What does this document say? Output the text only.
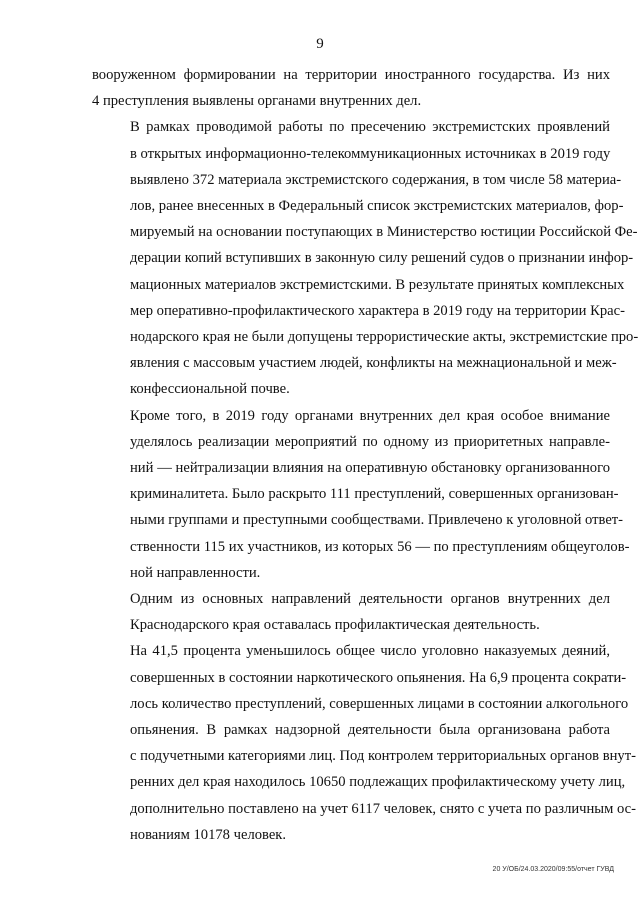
9

вооруженном формировании на территории иностранного государства. Из них
4 преступления выявлены органами внутренних дел.

В рамках проводимой работы по пресечению экстремистских проявлений
в открытых информационно-телекоммуникационных источниках в 2019 году
выявлено 372 материала экстремистского содержания, в том числе 58 материа-
лов, ранее внесенных в Федеральный список экстремистских материалов, фор-
мируемый на основании поступающих в Министерство юстиции Российской Фе-
дерации копий вступивших в законную силу решений судов о признании инфор-
мационных материалов экстремистскими. В результате принятых комплексных
мер оперативно-профилактического характера в 2019 году на территории Крас-
нодарского края не были допущены террористические акты, экстремистские про-
явления с массовым участием людей, конфликты на межнациональной и меж-
конфессиональной почве.

Кроме того, в 2019 году органами внутренних дел края особое внимание
уделялось реализации мероприятий по одному из приоритетных направле-
ний — нейтрализации влияния на оперативную обстановку организованного
криминалитета. Было раскрыто 111 преступлений, совершенных организован-
ными группами и преступными сообществами. Привлечено к уголовной ответ-
ственности 115 их участников, из которых 56 — по преступлениям общеуголов-
ной направленности.

Одним из основных направлений деятельности органов внутренних дел
Краснодарского края оставалась профилактическая деятельность.

На 41,5 процента уменьшилось общее число уголовно наказуемых деяний,
совершенных в состоянии наркотического опьянения. На 6,9 процента сократи-
лось количество преступлений, совершенных лицами в состоянии алкогольного
опьянения. В рамках надзорной деятельности была организована работа
с подучетными категориями лиц. Под контролем территориальных органов внут-
ренних дел края находилось 10650 подлежащих профилактическому учету лиц,
дополнительно поставлено на учет 6117 человек, снято с учета по различным ос-
нованиям 10178 человек.

20 У/ОБ/24.03.2020/09:55/отчет ГУВД
